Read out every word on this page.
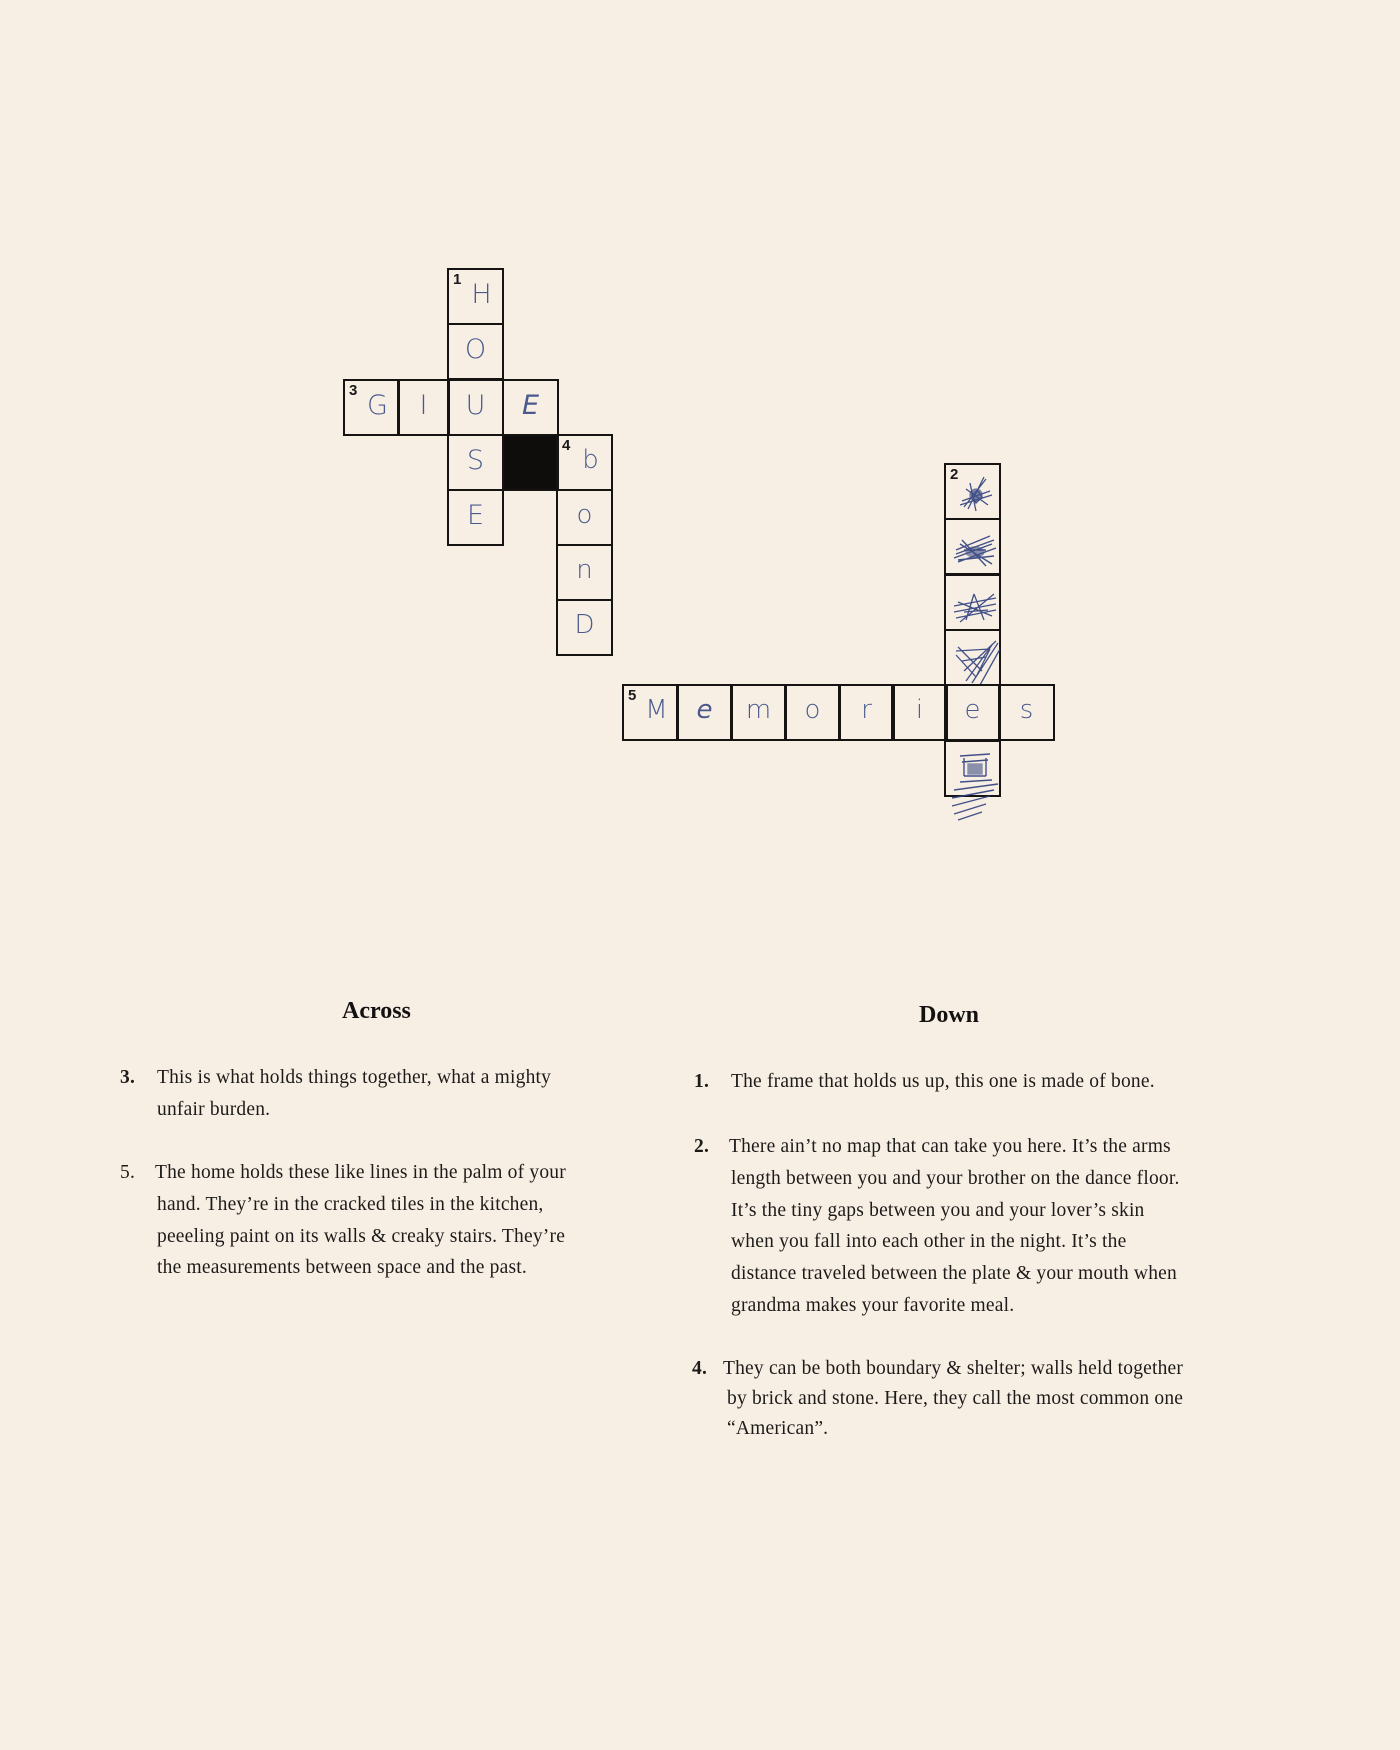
1 H
O
3 G	I	U	E
S
E
4 b
o
n
D
2
5 M	e	m	o	r	i	e	s
Across	Down
3. This is what holds things together, what a mighty
unfair burden.
5. The home holds these like lines in the palm of your
hand. They’re in the cracked tiles in the kitchen,
peeeling paint on its walls & creaky stairs. They’re
the measurements between space and the past.
1. The frame that holds us up, this one is made of bone.
2. There ain’t no map that can take you here. It’s the arms
length between you and your brother on the dance floor.
It’s the tiny gaps between you and your lover’s skin
when you fall into each other in the night. It’s the
distance traveled between the plate & your mouth when
grandma makes your favorite meal.
4. They can be both boundary & shelter; walls held together
by brick and stone. Here, they call the most common one
“American”.
